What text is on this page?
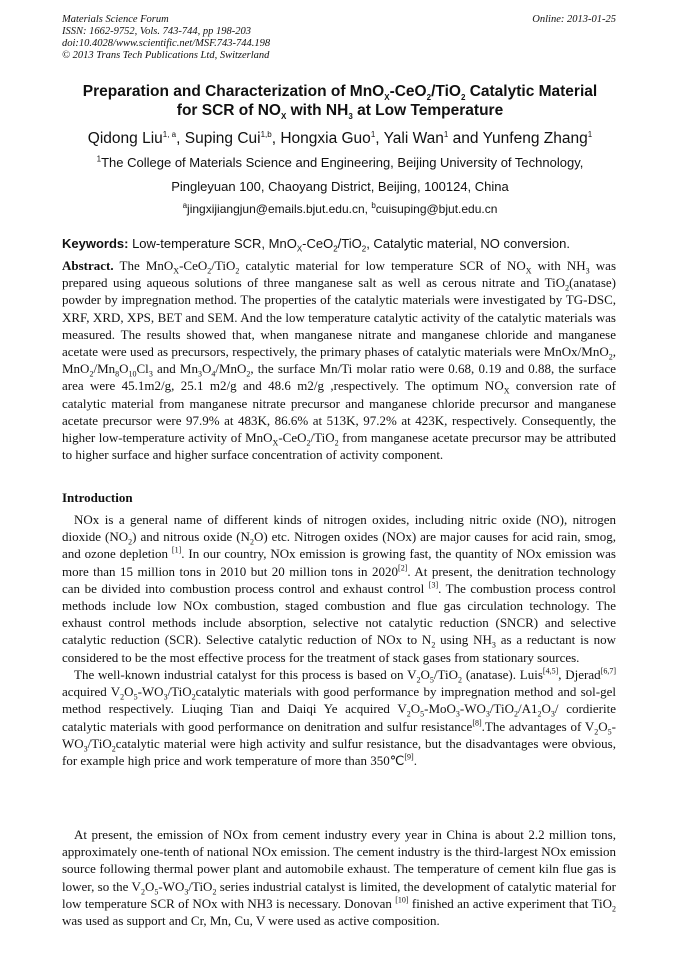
Materials Science Forum
ISSN: 1662-9752, Vols. 743-744, pp 198-203
doi:10.4028/www.scientific.net/MSF.743-744.198
© 2013 Trans Tech Publications Ltd, Switzerland
Online: 2013-01-25
Preparation and Characterization of MnO$_X$-CeO$_2$/TiO$_2$ Catalytic Material
for SCR of $NO_X$ with $NH_3$ at Low Temperature
Qidong Liu$^{1, a}$, Suping Cui$^{1,b}$, Hongxia Guo$^1$, Yali Wan$^1$ and Yunfeng Zhang$^1$
$^1$The College of Materials Science and Engineering, Beijing University of Technology,
Pingleyuan 100, Chaoyang District, Beijing, 100124, China
$^a$jingxijiangjun@emails.bjut.edu.cn, $^b$cuisuping@bjut.edu.cn
Keywords: Low-temperature SCR, MnO$_X$-CeO$_2$/TiO$_2$, Catalytic material, NO conversion.
Abstract. The MnO$_X$-CeO$_2$/TiO$_2$ catalytic material for low temperature SCR of $NO_X$ with $NH_3$ was prepared using aqueous solutions of three manganese salt as well as cerous nitrate and TiO$_2$(anatase) powder by impregnation method. The properties of the catalytic materials were investigated by TG-DSC, XRF, XRD, XPS, BET and SEM. And the low temperature catalytic activity of the catalytic materials was measured. The results showed that, when manganese nitrate and manganese chloride and manganese acetate were used as precursors, respectively, the primary phases of catalytic materials were MnOx/MnO$_2$, $MnO_2/Mn_8O_{10}Cl_3$ and $Mn_3O_4/MnO_2$, the surface Mn/Ti molar ratio were 0.68, 0.19 and 0.88, the surface area were 45.1m2/g, 25.1 m2/g and 48.6 m2/g ,respectively. The optimum $NO_X$ conversion rate of catalytic material from manganese nitrate precursor and manganese chloride precursor and manganese acetate precursor were 97.9% at 483K, 86.6% at 513K, 97.2% at 423K, respectively. Consequently, the higher low-temperature activity of MnO$_X$-CeO$_2$/TiO$_2$ from manganese acetate precursor may be attributed to higher surface and higher surface concentration of activity component.
Introduction
NOx is a general name of different kinds of nitrogen oxides, including nitric oxide (NO), nitrogen dioxide $(NO_2)$ and nitrous oxide $(N_2O)$ etc. Nitrogen oxides (NOx) are major causes for acid rain, smog, and ozone depletion [1]. In our country, NOx emission is growing fast, the quantity of NOx emission was more than 15 million tons in 2010 but 20 million tons in 2020[2]. At present, the denitration technology can be divided into combustion process control and exhaust control [3]. The combustion process control methods include low NOx combustion, staged combustion and flue gas circulation technology. The exhaust control methods include absorption, selective not catalytic reduction (SNCR) and selective catalytic reduction (SCR). Selective catalytic reduction of NOx to $N_2$ using $NH_3$ as a reductant is now considered to be the most effective process for the treatment of stack gases from stationary sources.
The well-known industrial catalyst for this process is based on $V_2O_5/TiO_2$ (anatase). Luis[4,5], Djerad[6,7] acquired $V_2O_5-WO_3/TiO_2catalytic$ materials with good performance by impregnation method and sol-gel method respectively. Liuqing Tian and Daiqi Ye acquired $V_2O_5-MoO_3-WO_3/TiO_2/A1_2O_3/$ cordierite catalytic materials with good performance on denitration and sulfur resistance[8].The advantages of $V_2O_5-WO_3/TiO_2catalytic$ material were high activity and sulfur resistance, but the disadvantages were obvious, for example high price and work temperature of more than 350℃[9].
At present, the emission of NOx from cement industry every year in China is about 2.2 million tons, approximately one-tenth of national NOx emission. The cement industry is the third-largest NOx emission source following thermal power plant and automobile exhaust. The temperature of cement kiln flue gas is lower, so the $V_2O_5-WO_3/TiO_2$ series industrial catalyst is limited, the development of catalytic material for low temperature SCR of NOx with NH3 is necessary. Donovan [10] finished an active experiment that TiO$_2$ was used as support and Cr, Mn, Cu, V were used as active composition.
